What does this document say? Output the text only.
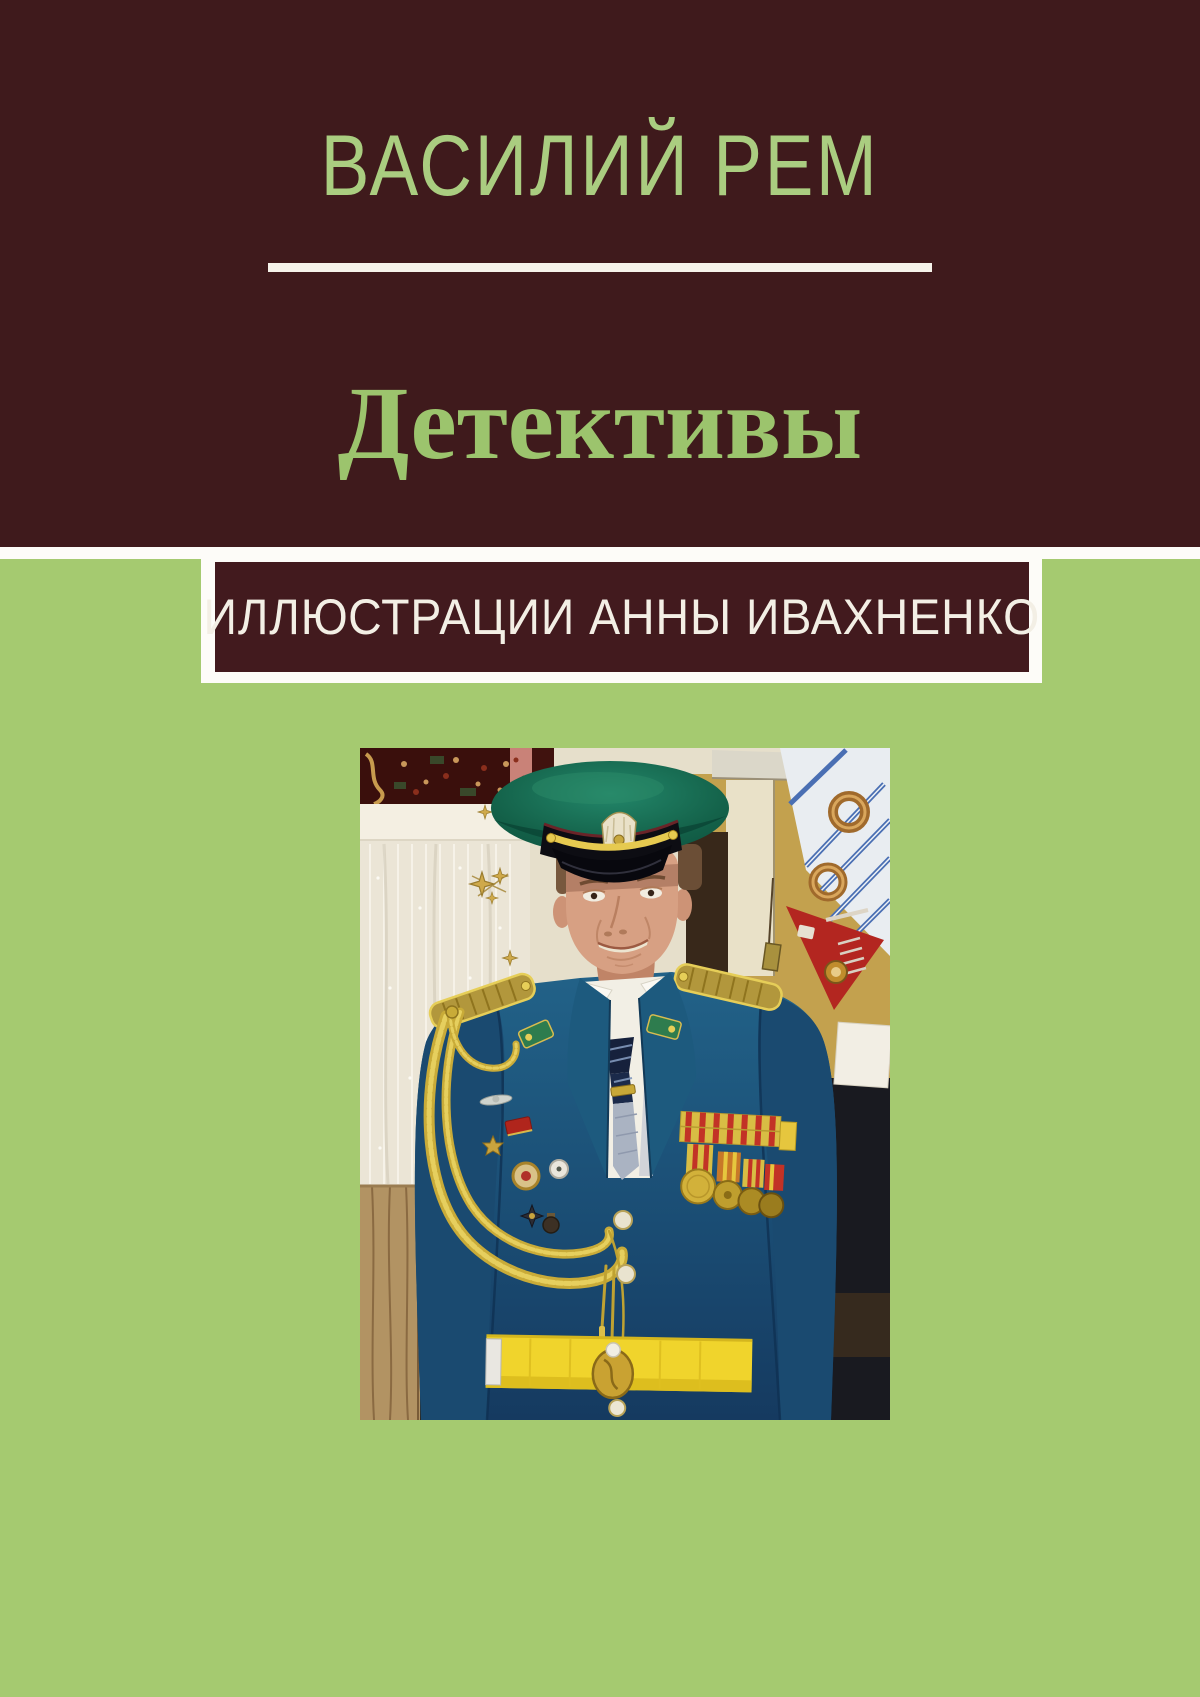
ВАСИЛИЙ РЕМ
Детективы
ИЛЛЮСТРАЦИИ АННЫ ИВАХНЕНКО
